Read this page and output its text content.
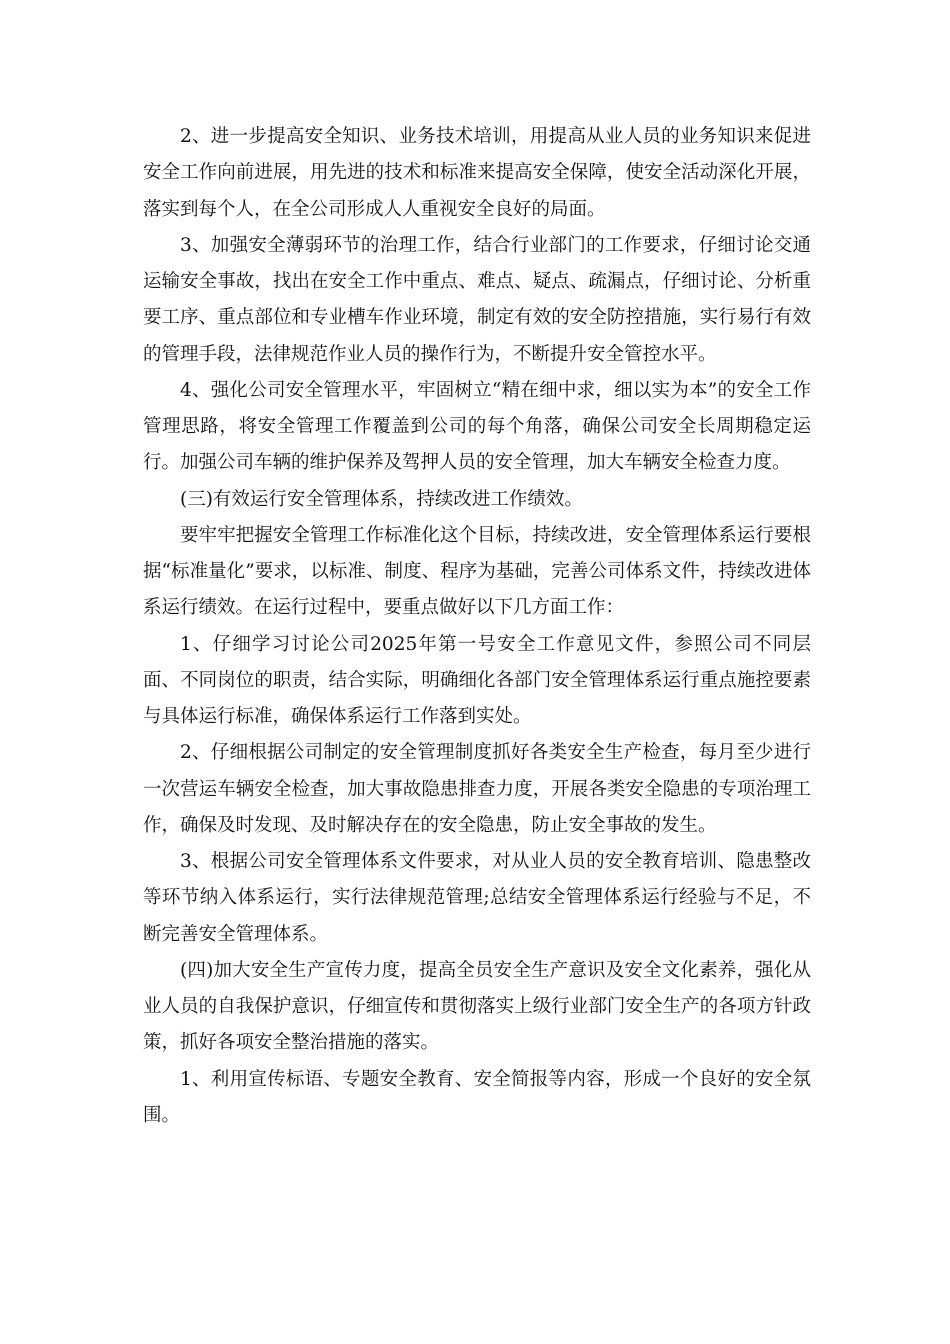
2、进一步提高安全知识、业务技术培训，用提高从业人员的业务知识来促进安全工作向前进展，用先进的技术和标准来提高安全保障，使安全活动深化开展，落实到每个人，在全公司形成人人重视安全良好的局面。

3、加强安全薄弱环节的治理工作，结合行业部门的工作要求，仔细讨论交通运输安全事故，找出在安全工作中重点、难点、疑点、疏漏点，仔细讨论、分析重要工序、重点部位和专业槽车作业环境，制定有效的安全防控措施，实行易行有效的管理手段，法律规范作业人员的操作行为，不断提升安全管控水平。

4、强化公司安全管理水平，牢固树立“精在细中求，细以实为本”的安全工作管理思路，将安全管理工作覆盖到公司的每个角落，确保公司安全长周期稳定运行。加强公司车辆的维护保养及驾押人员的安全管理，加大车辆安全检查力度。

(三)有效运行安全管理体系，持续改进工作绩效。

要牢牢把握安全管理工作标准化这个目标，持续改进，安全管理体系运行要根据“标准量化”要求，以标准、制度、程序为基础，完善公司体系文件，持续改进体系运行绩效。在运行过程中，要重点做好以下几方面工作：

1、仔细学习讨论公司2025年第一号安全工作意见文件，参照公司不同层面、不同岗位的职责，结合实际，明确细化各部门安全管理体系运行重点施控要素与具体运行标准，确保体系运行工作落到实处。

2、仔细根据公司制定的安全管理制度抓好各类安全生产检查，每月至少进行一次营运车辆安全检查，加大事故隐患排查力度，开展各类安全隐患的专项治理工作，确保及时发现、及时解决存在的安全隐患，防止安全事故的发生。

3、根据公司安全管理体系文件要求，对从业人员的安全教育培训、隐患整改等环节纳入体系运行，实行法律规范管理;总结安全管理体系运行经验与不足，不断完善安全管理体系。

(四)加大安全生产宣传力度，提高全员安全生产意识及安全文化素养，强化从业人员的自我保护意识，仔细宣传和贯彻落实上级行业部门安全生产的各项方针政策，抓好各项安全整治措施的落实。

1、利用宣传标语、专题安全教育、安全简报等内容，形成一个良好的安全氛围。
